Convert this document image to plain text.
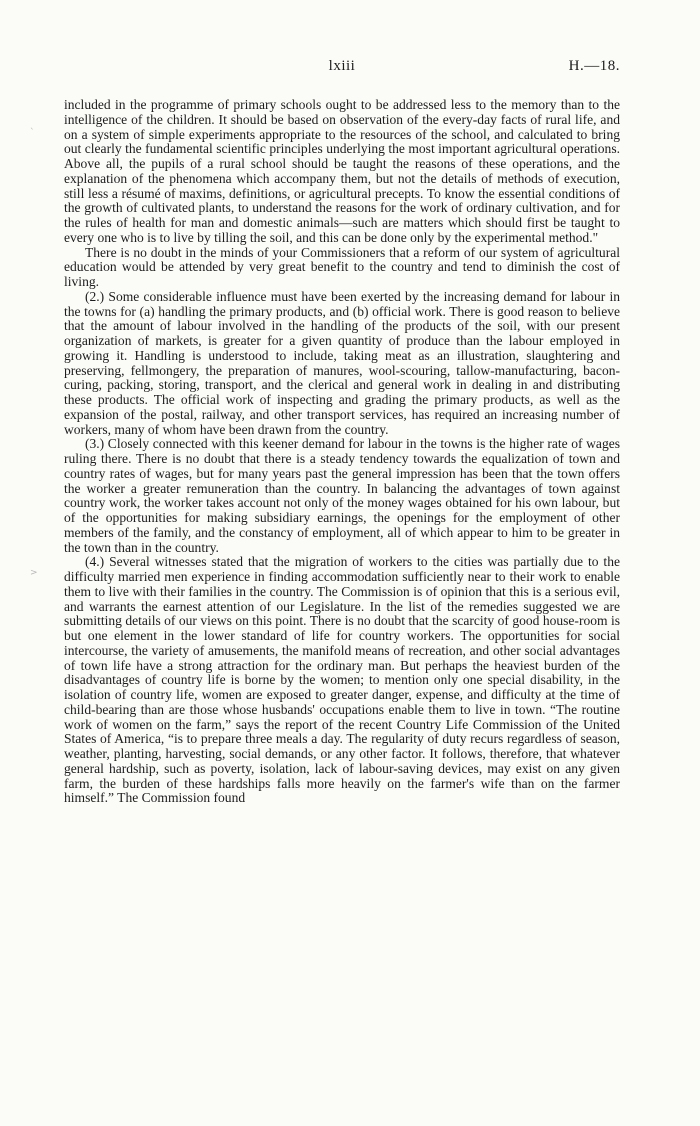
lxiii	H.—18.
`
>

included in the programme of primary schools ought to be addressed less to the memory than to the intelligence of the children. It should be based on observation of the every-day facts of rural life, and on a system of simple experiments appropriate to the resources of the school, and calculated to bring out clearly the fundamental scientific principles underlying the most important agricultural operations. Above all, the pupils of a rural school should be taught the reasons of these operations, and the explanation of the phenomena which accompany them, but not the details of methods of execution, still less a résumé of maxims, definitions, or agricultural precepts. To know the essential conditions of the growth of cultivated plants, to understand the reasons for the work of ordinary cultivation, and for the rules of health for man and domestic animals—such are matters which should first be taught to every one who is to live by tilling the soil, and this can be done only by the experimental method."

There is no doubt in the minds of your Commissioners that a reform of our system of agricultural education would be attended by very great benefit to the country and tend to diminish the cost of living.

(2.) Some considerable influence must have been exerted by the increasing demand for labour in the towns for (a) handling the primary products, and (b) official work. There is good reason to believe that the amount of labour involved in the handling of the products of the soil, with our present organization of markets, is greater for a given quantity of produce than the labour employed in growing it. Handling is understood to include, taking meat as an illustration, slaughtering and preserving, fellmongery, the preparation of manures, wool-scouring, tallow-manufacturing, bacon-curing, packing, storing, transport, and the clerical and general work in dealing in and distributing these products. The official work of inspecting and grading the primary products, as well as the expansion of the postal, railway, and other transport services, has required an increasing number of workers, many of whom have been drawn from the country.

(3.) Closely connected with this keener demand for labour in the towns is the higher rate of wages ruling there. There is no doubt that there is a steady tendency towards the equalization of town and country rates of wages, but for many years past the general impression has been that the town offers the worker a greater remuneration than the country. In balancing the advantages of town against country work, the worker takes account not only of the money wages obtained for his own labour, but of the opportunities for making subsidiary earnings, the openings for the employment of other members of the family, and the constancy of employment, all of which appear to him to be greater in the town than in the country.

(4.) Several witnesses stated that the migration of workers to the cities was partially due to the difficulty married men experience in finding accommodation sufficiently near to their work to enable them to live with their families in the country. The Commission is of opinion that this is a serious evil, and warrants the earnest attention of our Legislature. In the list of the remedies suggested we are submitting details of our views on this point. There is no doubt that the scarcity of good house-room is but one element in the lower standard of life for country workers. The opportunities for social intercourse, the variety of amusements, the manifold means of recreation, and other social advantages of town life have a strong attraction for the ordinary man. But perhaps the heaviest burden of the disadvantages of country life is borne by the women; to mention only one special disability, in the isolation of country life, women are exposed to greater danger, expense, and difficulty at the time of child-bearing than are those whose husbands' occupations enable them to live in town. “The routine work of women on the farm,” says the report of the recent Country Life Commission of the United States of America, “is to prepare three meals a day. The regularity of duty recurs regardless of season, weather, planting, harvesting, social demands, or any other factor. It follows, therefore, that whatever general hardship, such as poverty, isolation, lack of labour-saving devices, may exist on any given farm, the burden of these hardships falls more heavily on the farmer's wife than on the farmer himself.” The Commission found
